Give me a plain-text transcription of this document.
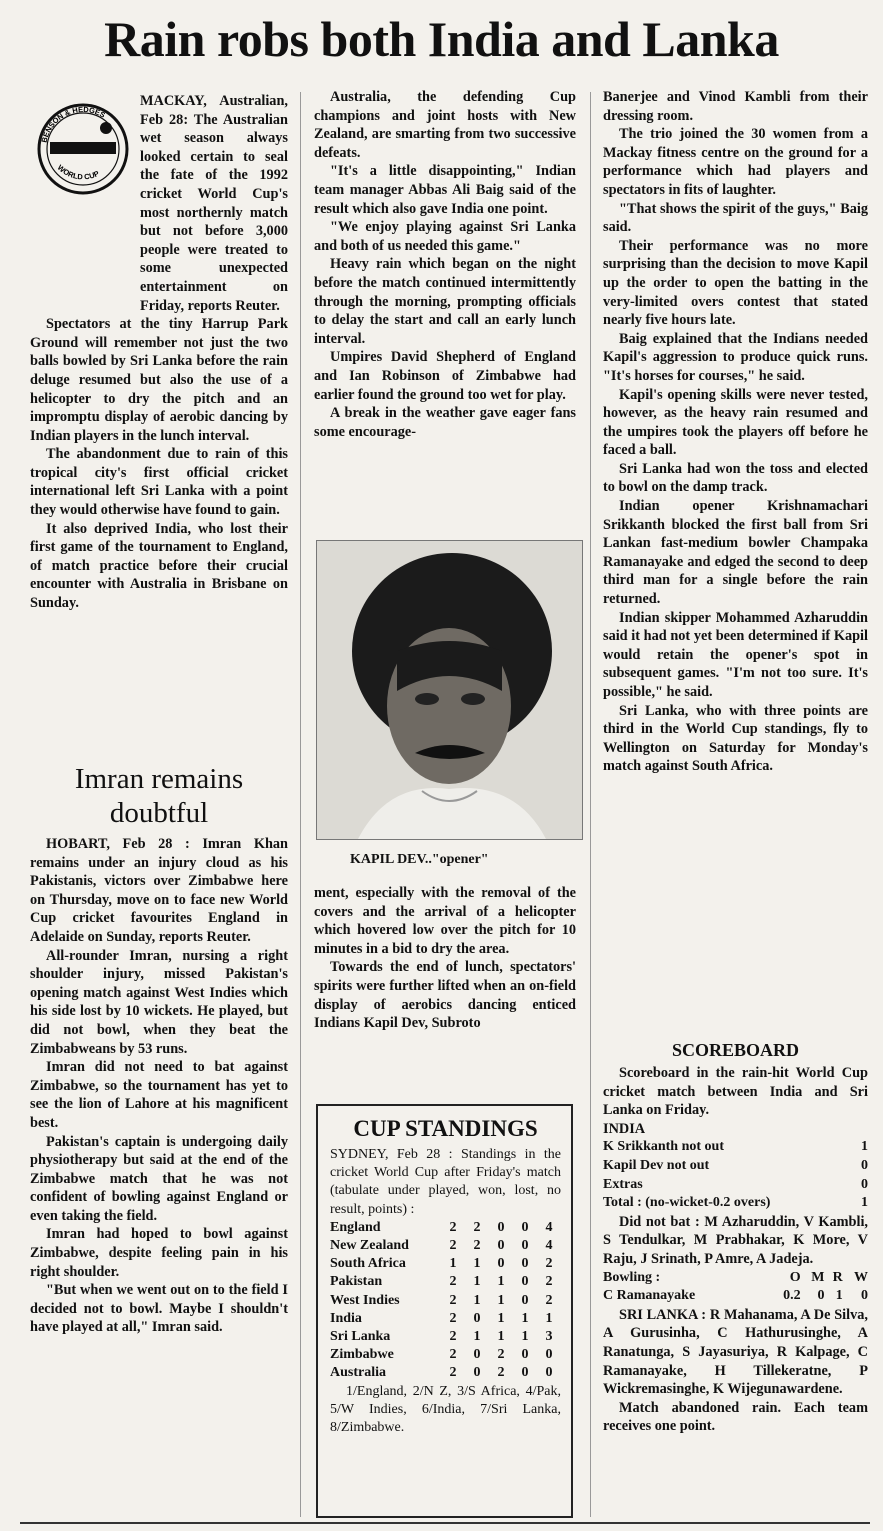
Rain robs both India and Lanka
BENSON & HEDGES
WORLD CUP

MACKAY, Australian, Feb 28: The Australian wet season always looked certain to seal the fate of the 1992 cricket World Cup's most northernly match but not before 3,000 people were treated to some unexpected entertainment on Friday, reports Reuter.

Spectators at the tiny Harrup Park Ground will remember not just the two balls bowled by Sri Lanka before the rain deluge resumed but also the use of a helicopter to dry the pitch and an impromptu display of aerobic dancing by Indian players in the lunch interval.

The abandonment due to rain of this tropical city's first official cricket international left Sri Lanka with a point they would otherwise have found to gain.

It also deprived India, who lost their first game of the tournament to England, of match practice before their crucial encounter with Australia in Brisbane on Sunday.

Imran remains doubtful

HOBART, Feb 28 : Imran Khan remains under an injury cloud as his Pakistanis, victors over Zimbabwe here on Thursday, move on to face new World Cup cricket favourites England in Adelaide on Sunday, reports Reuter.

All-rounder Imran, nursing a right shoulder injury, missed Pakistan's opening match against West Indies which his side lost by 10 wickets. He played, but did not bowl, when they beat the Zimbabweans by 53 runs.

Imran did not need to bat against Zimbabwe, so the tournament has yet to see the lion of Lahore at his magnificent best.

Pakistan's captain is undergoing daily physiotherapy but said at the end of the Zimbabwe match that he was not confident of bowling against England or even taking the field.

Imran had hoped to bowl against Zimbabwe, despite feeling pain in his right shoulder.

"But when we went out on to the field I decided not to bowl. Maybe I shouldn't have played at all," Imran said.

Australia, the defending Cup champions and joint hosts with New Zealand, are smarting from two successive defeats.

"It's a little disappointing," Indian team manager Abbas Ali Baig said of the result which also gave India one point.

"We enjoy playing against Sri Lanka and both of us needed this game."

Heavy rain which began on the night before the match continued intermittently through the morning, prompting officials to delay the start and call an early lunch interval.

Umpires David Shepherd of England and Ian Robinson of Zimbabwe had earlier found the ground too wet for play.

A break in the weather gave eager fans some encourage-

KAPIL DEV.."opener"

ment, especially with the removal of the covers and the arrival of a helicopter which hovered low over the pitch for 10 minutes in a bid to dry the area.

Towards the end of lunch, spectators' spirits were further lifted when an on-field display of aerobics dancing enticed Indians Kapil Dev, Subroto

CUP STANDINGS
SYDNEY, Feb 28 : Standings in the cricket World Cup after Friday's match (tabulate under played, won, lost, no result, points) :
England	2	2	0	0	4
New Zealand	2	2	0	0	4
South Africa	1	1	0	0	2
Pakistan	2	1	1	0	2
West Indies	2	1	1	0	2
India	2	0	1	1	1
Sri Lanka	2	1	1	1	3
Zimbabwe	2	0	2	0	0
Australia	2	0	2	0	0
1/England, 2/N Z, 3/S Africa, 4/Pak, 5/W Indies, 6/India, 7/Sri Lanka, 8/Zimbabwe.

Banerjee and Vinod Kambli from their dressing room.

The trio joined the 30 women from a Mackay fitness centre on the ground for a performance which had players and spectators in fits of laughter.

"That shows the spirit of the guys," Baig said.

Their performance was no more surprising than the decision to move Kapil up the order to open the batting in the very-limited overs contest that stated nearly five hours late.

Baig explained that the Indians needed Kapil's aggression to produce quick runs. "It's horses for courses," he said.

Kapil's opening skills were never tested, however, as the heavy rain resumed and the umpires took the players off before he faced a ball.

Sri Lanka had won the toss and elected to bowl on the damp track.

Indian opener Krishnamachari Srikkanth blocked the first ball from Sri Lankan fast-medium bowler Champaka Ramanayake and edged the second to deep third man for a single before the rain returned.

Indian skipper Mohammed Azharuddin said it had not yet been determined if Kapil would retain the opener's spot in subsequent games. "I'm not too sure. It's possible," he said.

Sri Lanka, who with three points are third in the World Cup standings, fly to Wellington on Saturday for Monday's match against South Africa.

SCOREBOARD

Scoreboard in the rain-hit World Cup cricket match between India and Sri Lanka on Friday.

INDIA
K Srikkanth not out	1
Kapil Dev not out	0
Extras	0
Total : (no-wicket-0.2 overs)	1

Did not bat : M Azharuddin, V Kambli, S Tendulkar, M Prabhakar, K More, V Raju, J Srinath, P Amre, A Jadeja.

Bowling :	O	M	R	W
C Ramanayake	0.2	0	1	0

SRI LANKA : R Mahanama, A De Silva, A Gurusinha, C Hathurusinghe, A Ranatunga, S Jayasuriya, R Kalpage, C Ramanayake, H Tillekeratne, P Wickremasinghe, K Wijegunawardene.

Match abandoned rain. Each team receives one point.
